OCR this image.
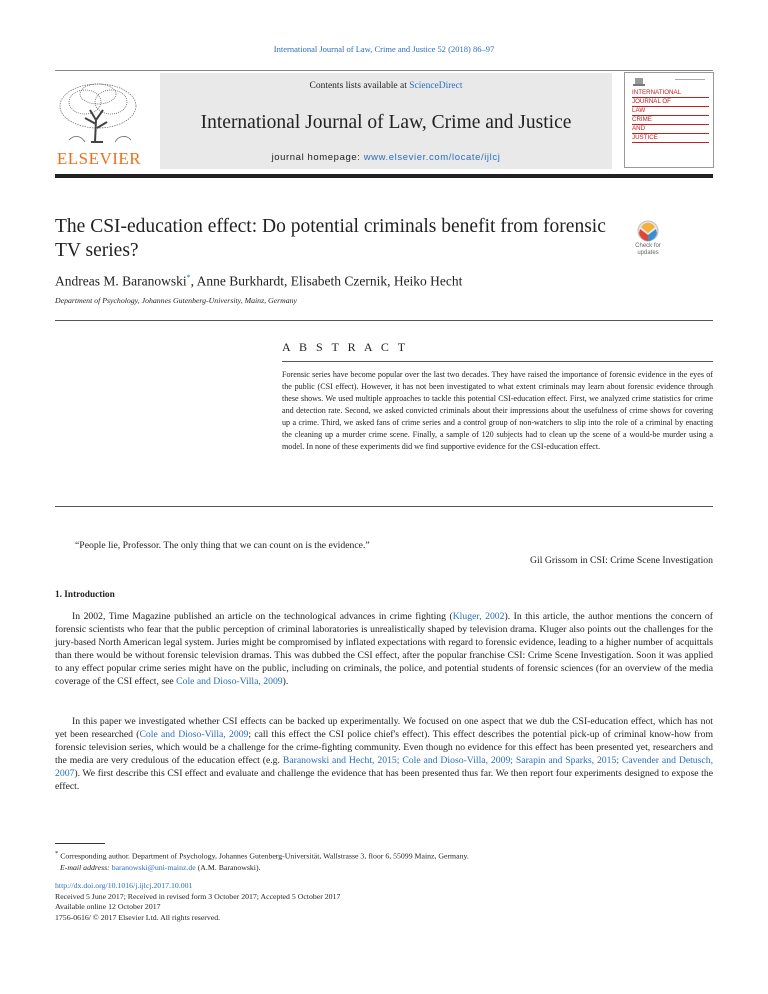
International Journal of Law, Crime and Justice 52 (2018) 86–97
ELSEVIER
Contents lists available at ScienceDirect
International Journal of Law, Crime and Justice
journal homepage: www.elsevier.com/locate/ijlcj
INTERNATIONAL
JOURNAL OF
LAW
CRIME
AND
JUSTICE
The CSI-education effect: Do potential criminals benefit from forensic TV series?	Check for
updates
Andreas M. Baranowski*, Anne Burkhardt, Elisabeth Czernik, Heiko Hecht
Department of Psychology, Johannes Gutenberg-University, Mainz, Germany
A B S T R A C T
Forensic series have become popular over the last two decades. They have raised the importance of forensic evidence in the eyes of the public (CSI effect). However, it has not been investigated to what extent criminals may learn about forensic evidence through these shows. We used multiple approaches to tackle this potential CSI-education effect. First, we analyzed crime statistics for crime and detection rate. Second, we asked convicted criminals about their impressions about the usefulness of crime shows for covering up a crime. Third, we asked fans of crime series and a control group of non-watchers to slip into the role of a criminal by enacting the cleaning up a murder crime scene. Finally, a sample of 120 subjects had to clean up the scene of a would-be murder using a model. In none of these experiments did we find supportive evidence for the CSI-education effect.
“People lie, Professor. The only thing that we can count on is the evidence.”
Gil Grissom in CSI: Crime Scene Investigation
1. Introduction

In 2002, Time Magazine published an article on the technological advances in crime fighting (Kluger, 2002). In this article, the author mentions the concern of forensic scientists who fear that the public perception of criminal laboratories is unrealistically shaped by television drama. Kluger also points out the challenges for the jury-based North American legal system. Juries might be compromised by inflated expectations with regard to forensic evidence, leading to a higher number of acquittals than there would be without forensic television dramas. This was dubbed the CSI effect, after the popular franchise CSI: Crime Scene Investigation. Soon it was applied to any effect popular crime series might have on the public, including on criminals, the police, and potential students of forensic sciences (for an overview of the media coverage of the CSI effect, see Cole and Dioso-Villa, 2009).

In this paper we investigated whether CSI effects can be backed up experimentally. We focused on one aspect that we dub the CSI-education effect, which has not yet been researched (Cole and Dioso-Villa, 2009; call this effect the CSI police chief's effect). This effect describes the potential pick-up of criminal know-how from forensic television series, which would be a challenge for the crime-fighting community. Even though no evidence for this effect has been presented yet, researchers and the media are very credulous of the education effect (e.g. Baranowski and Hecht, 2015; Cole and Dioso-Villa, 2009; Sarapin and Sparks, 2015; Cavender and Detusch, 2007). We first describe this CSI effect and evaluate and challenge the evidence that has been presented thus far. We then report four experiments designed to expose the effect.

* Corresponding author. Department of Psychology, Johannes Gutenberg-Universität, Wallstrasse 3, floor 6, 55099 Mainz, Germany.
E-mail address: baranowski@uni-mainz.de (A.M. Baranowski).
http://dx.doi.org/10.1016/j.ijlcj.2017.10.001
Received 5 June 2017; Received in revised form 3 October 2017; Accepted 5 October 2017
Available online 12 October 2017
1756-0616/ © 2017 Elsevier Ltd. All rights reserved.
